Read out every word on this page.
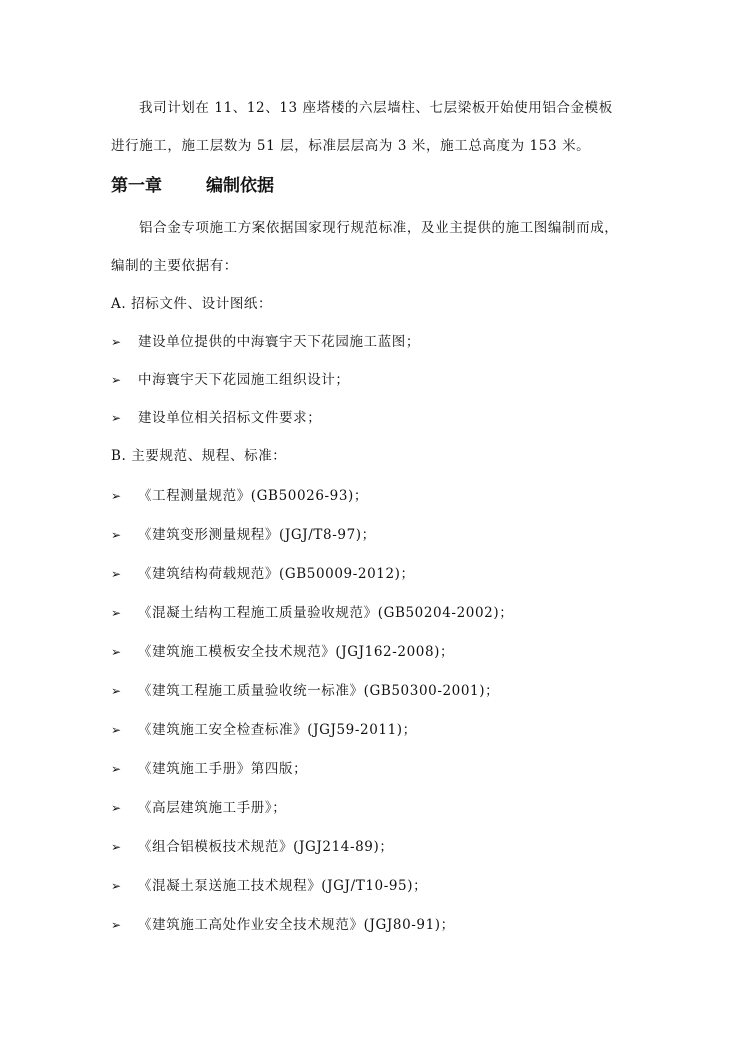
我司计划在 11、12、13 座塔楼的六层墙柱、七层梁板开始使用铝合金模板
进行施工，施工层数为 51 层，标准层层高为 3 米，施工总高度为 153 米。
第一章	编制依据
铝合金专项施工方案依据国家现行规范标准，及业主提供的施工图编制而成，
编制的主要依据有：
A. 招标文件、设计图纸：
➢ 建设单位提供的中海寰宇天下花园施工蓝图；
➢ 中海寰宇天下花园施工组织设计；
➢ 建设单位相关招标文件要求；
B. 主要规范、规程、标准：
➢ 《工程测量规范》(GB50026-93)；
➢ 《建筑变形测量规程》(JGJ/T8-97)；
➢ 《建筑结构荷载规范》(GB50009-2012)；
➢ 《混凝土结构工程施工质量验收规范》(GB50204-2002)；
➢ 《建筑施工模板安全技术规范》(JGJ162-2008)；
➢ 《建筑工程施工质量验收统一标准》(GB50300-2001)；
➢ 《建筑施工安全检查标准》(JGJ59-2011)；
➢ 《建筑施工手册》第四版；
➢ 《高层建筑施工手册》；
➢ 《组合铝模板技术规范》(JGJ214-89)；
➢ 《混凝土泵送施工技术规程》(JGJ/T10-95)；
➢ 《建筑施工高处作业安全技术规范》(JGJ80-91)；
